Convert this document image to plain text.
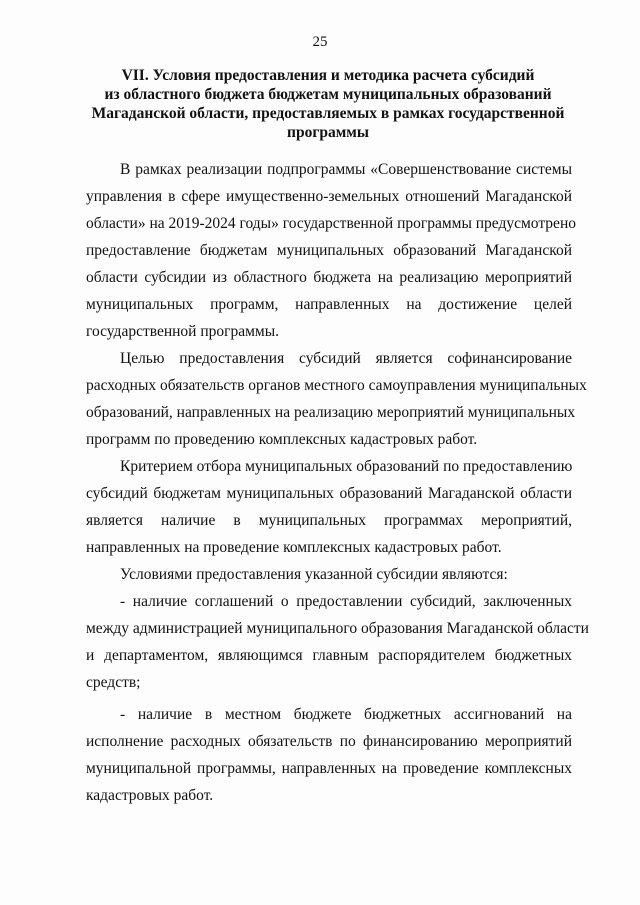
25
VII. Условия предоставления и методика расчета субсидий
из областного бюджета бюджетам муниципальных образований
Магаданской области, предоставляемых в рамках государственной
программы

В рамках реализации подпрограммы «Совершенствование системы
управления в сфере имущественно-земельных отношений Магаданской
области» на 2019-2024 годы» государственной программы предусмотрено
предоставление бюджетам муниципальных образований Магаданской
области субсидии из областного бюджета на реализацию мероприятий
муниципальных программ, направленных на достижение целей
государственной программы.

Целью предоставления субсидий является софинансирование
расходных обязательств органов местного самоуправления муниципальных
образований, направленных на реализацию мероприятий муниципальных
программ по проведению комплексных кадастровых работ.

Критерием отбора муниципальных образований по предоставлению
субсидий бюджетам муниципальных образований Магаданской области
является наличие в муниципальных программах мероприятий,
направленных на проведение комплексных кадастровых работ.

Условиями предоставления указанной субсидии являются:

- наличие соглашений о предоставлении субсидий, заключенных
между администрацией муниципального образования Магаданской области
и департаментом, являющимся главным распорядителем бюджетных
средств;

- наличие в местном бюджете бюджетных ассигнований на
исполнение расходных обязательств по финансированию мероприятий
муниципальной программы, направленных на проведение комплексных
кадастровых работ.
